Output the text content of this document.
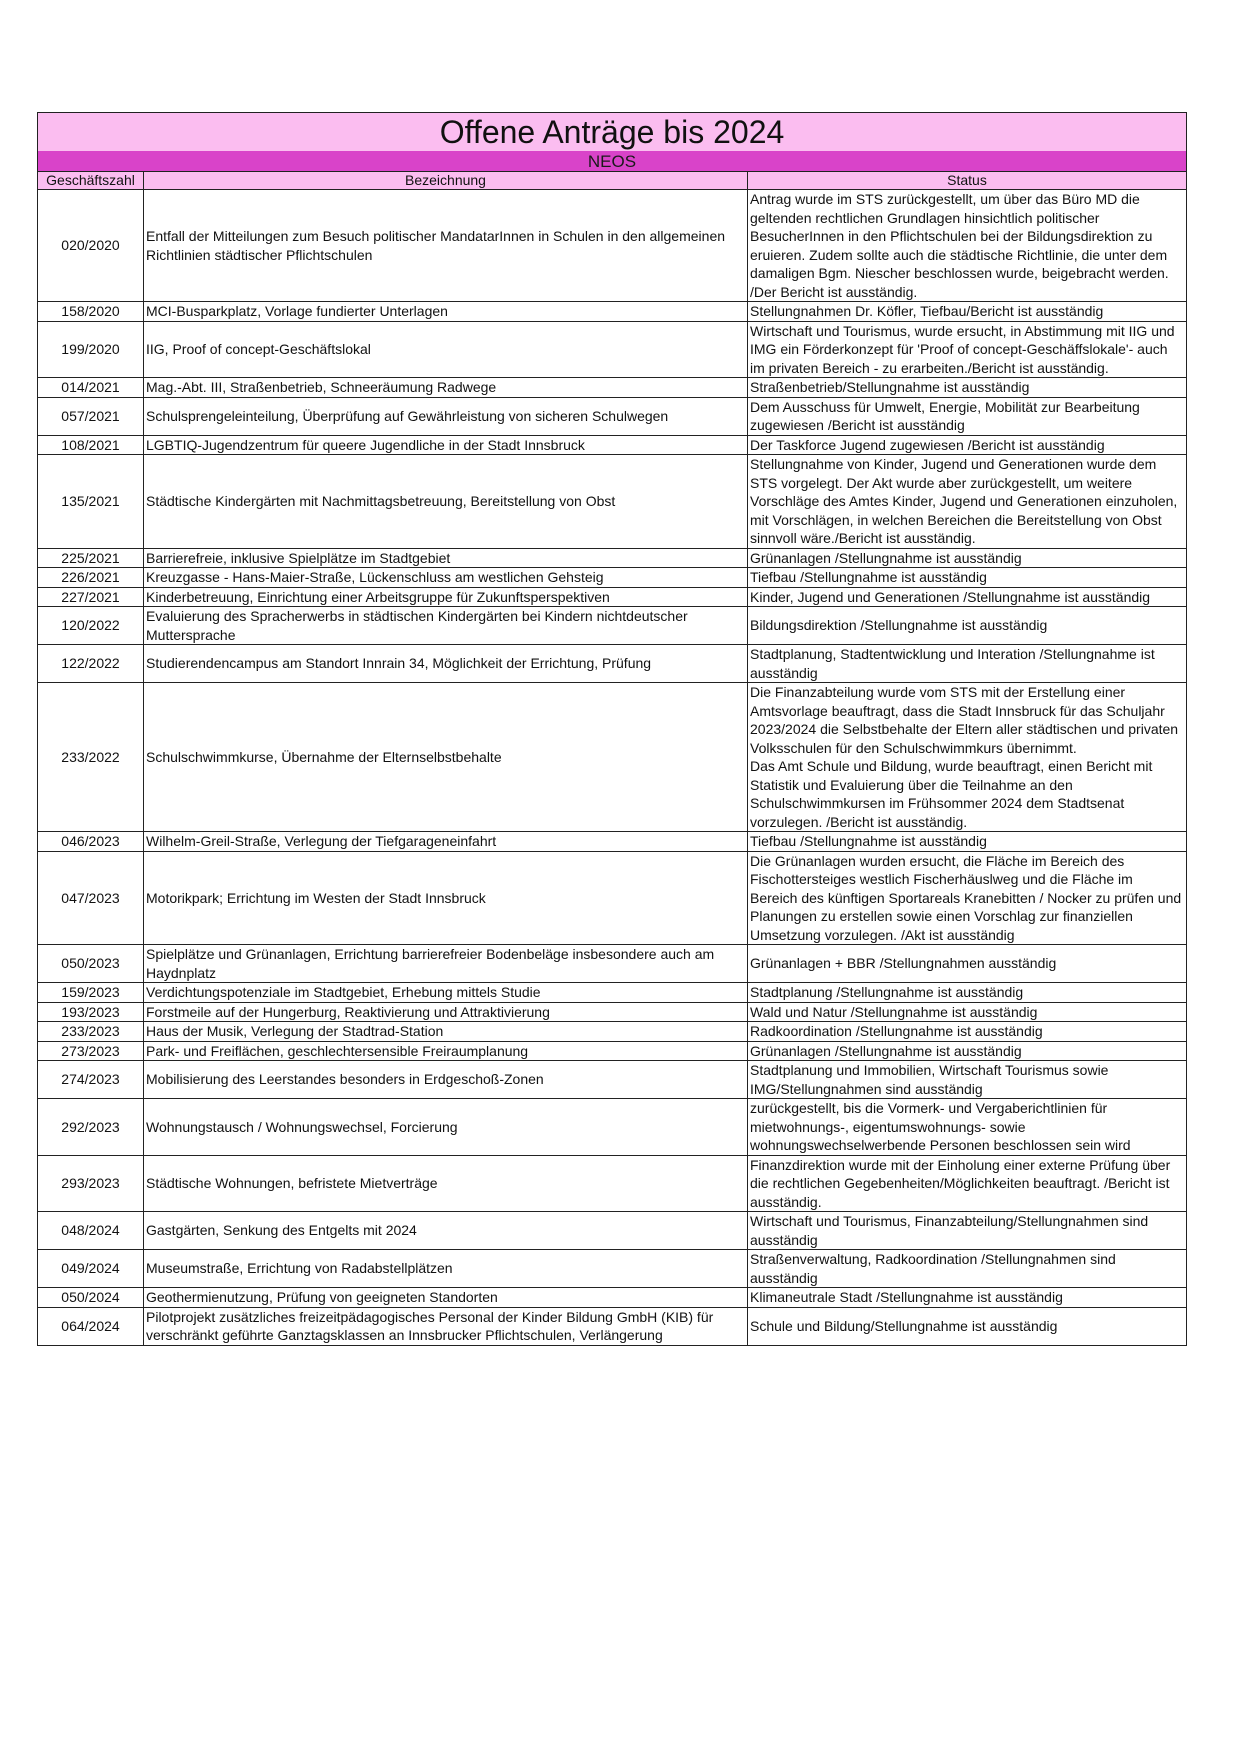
Offene Anträge bis 2024		
NEOS		
Geschäftszahl	Bezeichnung	Status
020/2020	Entfall der Mitteilungen zum Besuch politischer MandatarInnen in Schulen in den allgemeinen Richtlinien städtischer Pflichtschulen	Antrag wurde im STS zurückgestellt, um über das Büro MD die geltenden rechtlichen Grundlagen hinsichtlich politischer BesucherInnen in den Pflichtschulen bei der Bildungsdirektion zu eruieren. Zudem sollte auch die städtische Richtlinie, die unter dem damaligen Bgm. Niescher beschlossen wurde, beigebracht werden. /Der Bericht ist ausständig.
158/2020	MCI-Busparkplatz, Vorlage fundierter Unterlagen	Stellungnahmen Dr. Köfler, Tiefbau/Bericht ist ausständig
199/2020	IIG, Proof of concept-Geschäftslokal	Wirtschaft und Tourismus, wurde ersucht, in Abstimmung mit IIG und IMG ein Förderkonzept für 'Proof of concept-Geschäffslokale'- auch im privaten Bereich - zu erarbeiten./Bericht ist ausständig.
014/2021	Mag.-Abt. III, Straßenbetrieb, Schneeräumung Radwege	Straßenbetrieb/Stellungnahme ist ausständig
057/2021	Schulsprengeleinteilung, Überprüfung auf Gewährleistung von sicheren Schulwegen	Dem Ausschuss für Umwelt, Energie, Mobilität zur Bearbeitung zugewiesen /Bericht ist ausständig
108/2021	LGBTIQ-Jugendzentrum für queere Jugendliche in der Stadt Innsbruck	Der Taskforce Jugend zugewiesen /Bericht ist ausständig
135/2021	Städtische Kindergärten mit Nachmittagsbetreuung, Bereitstellung von Obst	Stellungnahme von Kinder, Jugend und Generationen wurde dem STS vorgelegt. Der Akt wurde aber zurückgestellt, um weitere Vorschläge des Amtes Kinder, Jugend und Generationen einzuholen, mit Vorschlägen, in welchen Bereichen die Bereitstellung von Obst sinnvoll wäre./Bericht ist ausständig.
225/2021	Barrierefreie, inklusive Spielplätze im Stadtgebiet	Grünanlagen /Stellungnahme ist ausständig
226/2021	Kreuzgasse - Hans-Maier-Straße, Lückenschluss am westlichen Gehsteig	Tiefbau /Stellungnahme ist ausständig
227/2021	Kinderbetreuung, Einrichtung einer Arbeitsgruppe für Zukunftsperspektiven	Kinder, Jugend und Generationen /Stellungnahme ist ausständig
120/2022	Evaluierung des Spracherwerbs in städtischen Kindergärten bei Kindern nichtdeutscher Muttersprache	Bildungsdirektion /Stellungnahme ist ausständig
122/2022	Studierendencampus am Standort Innrain 34, Möglichkeit der Errichtung, Prüfung	Stadtplanung, Stadtentwicklung und Interation /Stellungnahme ist ausständig
233/2022	Schulschwimmkurse, Übernahme der Elternselbstbehalte	Die Finanzabteilung wurde vom STS mit der Erstellung einer Amtsvorlage beauftragt, dass die Stadt Innsbruck für das Schuljahr 2023/2024 die Selbstbehalte der Eltern aller städtischen und privaten Volksschulen für den Schulschwimmkurs übernimmt.
Das Amt Schule und Bildung, wurde beauftragt, einen Bericht mit Statistik und Evaluierung über die Teilnahme an den Schulschwimmkursen im Frühsommer 2024 dem Stadtsenat vorzulegen. /Bericht ist ausständig.
046/2023	Wilhelm-Greil-Straße, Verlegung der Tiefgarageneinfahrt	Tiefbau /Stellungnahme ist ausständig
047/2023	Motorikpark; Errichtung im Westen der Stadt Innsbruck	Die Grünanlagen wurden ersucht, die Fläche im Bereich des Fischottersteiges westlich Fischerhäuslweg und die Fläche im Bereich des künftigen Sportareals Kranebitten / Nocker zu prüfen und Planungen zu erstellen sowie einen Vorschlag zur finanziellen Umsetzung vorzulegen. /Akt ist ausständig
050/2023	Spielplätze und Grünanlagen, Errichtung barrierefreier Bodenbeläge insbesondere auch am Haydnplatz	Grünanlagen + BBR /Stellungnahmen ausständig
159/2023	Verdichtungspotenziale im Stadtgebiet, Erhebung mittels Studie	Stadtplanung /Stellungnahme ist ausständig
193/2023	Forstmeile auf der Hungerburg, Reaktivierung und Attraktivierung	Wald und Natur /Stellungnahme ist ausständig
233/2023	Haus der Musik, Verlegung der Stadtrad-Station	Radkoordination /Stellungnahme ist ausständig
273/2023	Park- und Freiflächen, geschlechtersensible Freiraumplanung	Grünanlagen /Stellungnahme ist ausständig
274/2023	Mobilisierung des Leerstandes besonders in Erdgeschoß-Zonen	Stadtplanung und Immobilien, Wirtschaft Tourismus sowie IMG/Stellungnahmen sind ausständig
292/2023	Wohnungstausch / Wohnungswechsel, Forcierung	zurückgestellt, bis die Vormerk- und Vergaberichtlinien für mietwohnungs-, eigentumswohnungs- sowie wohnungswechselwerbende Personen beschlossen sein wird
293/2023	Städtische Wohnungen, befristete Mietverträge	Finanzdirektion wurde mit der Einholung einer externe Prüfung über die rechtlichen Gegebenheiten/Möglichkeiten beauftragt. /Bericht ist ausständig.
048/2024	Gastgärten, Senkung des Entgelts mit 2024	Wirtschaft und Tourismus, Finanzabteilung/Stellungnahmen sind ausständig
049/2024	Museumstraße, Errichtung von Radabstellplätzen	Straßenverwaltung, Radkoordination /Stellungnahmen sind ausständig
050/2024	Geothermienutzung, Prüfung von geeigneten Standorten	Klimaneutrale Stadt /Stellungnahme ist ausständig
064/2024	Pilotprojekt zusätzliches freizeitpädagogisches Personal der Kinder Bildung GmbH (KIB) für verschränkt geführte Ganztagsklassen an Innsbrucker Pflichtschulen, Verlängerung	Schule und Bildung/Stellungnahme ist ausständig
